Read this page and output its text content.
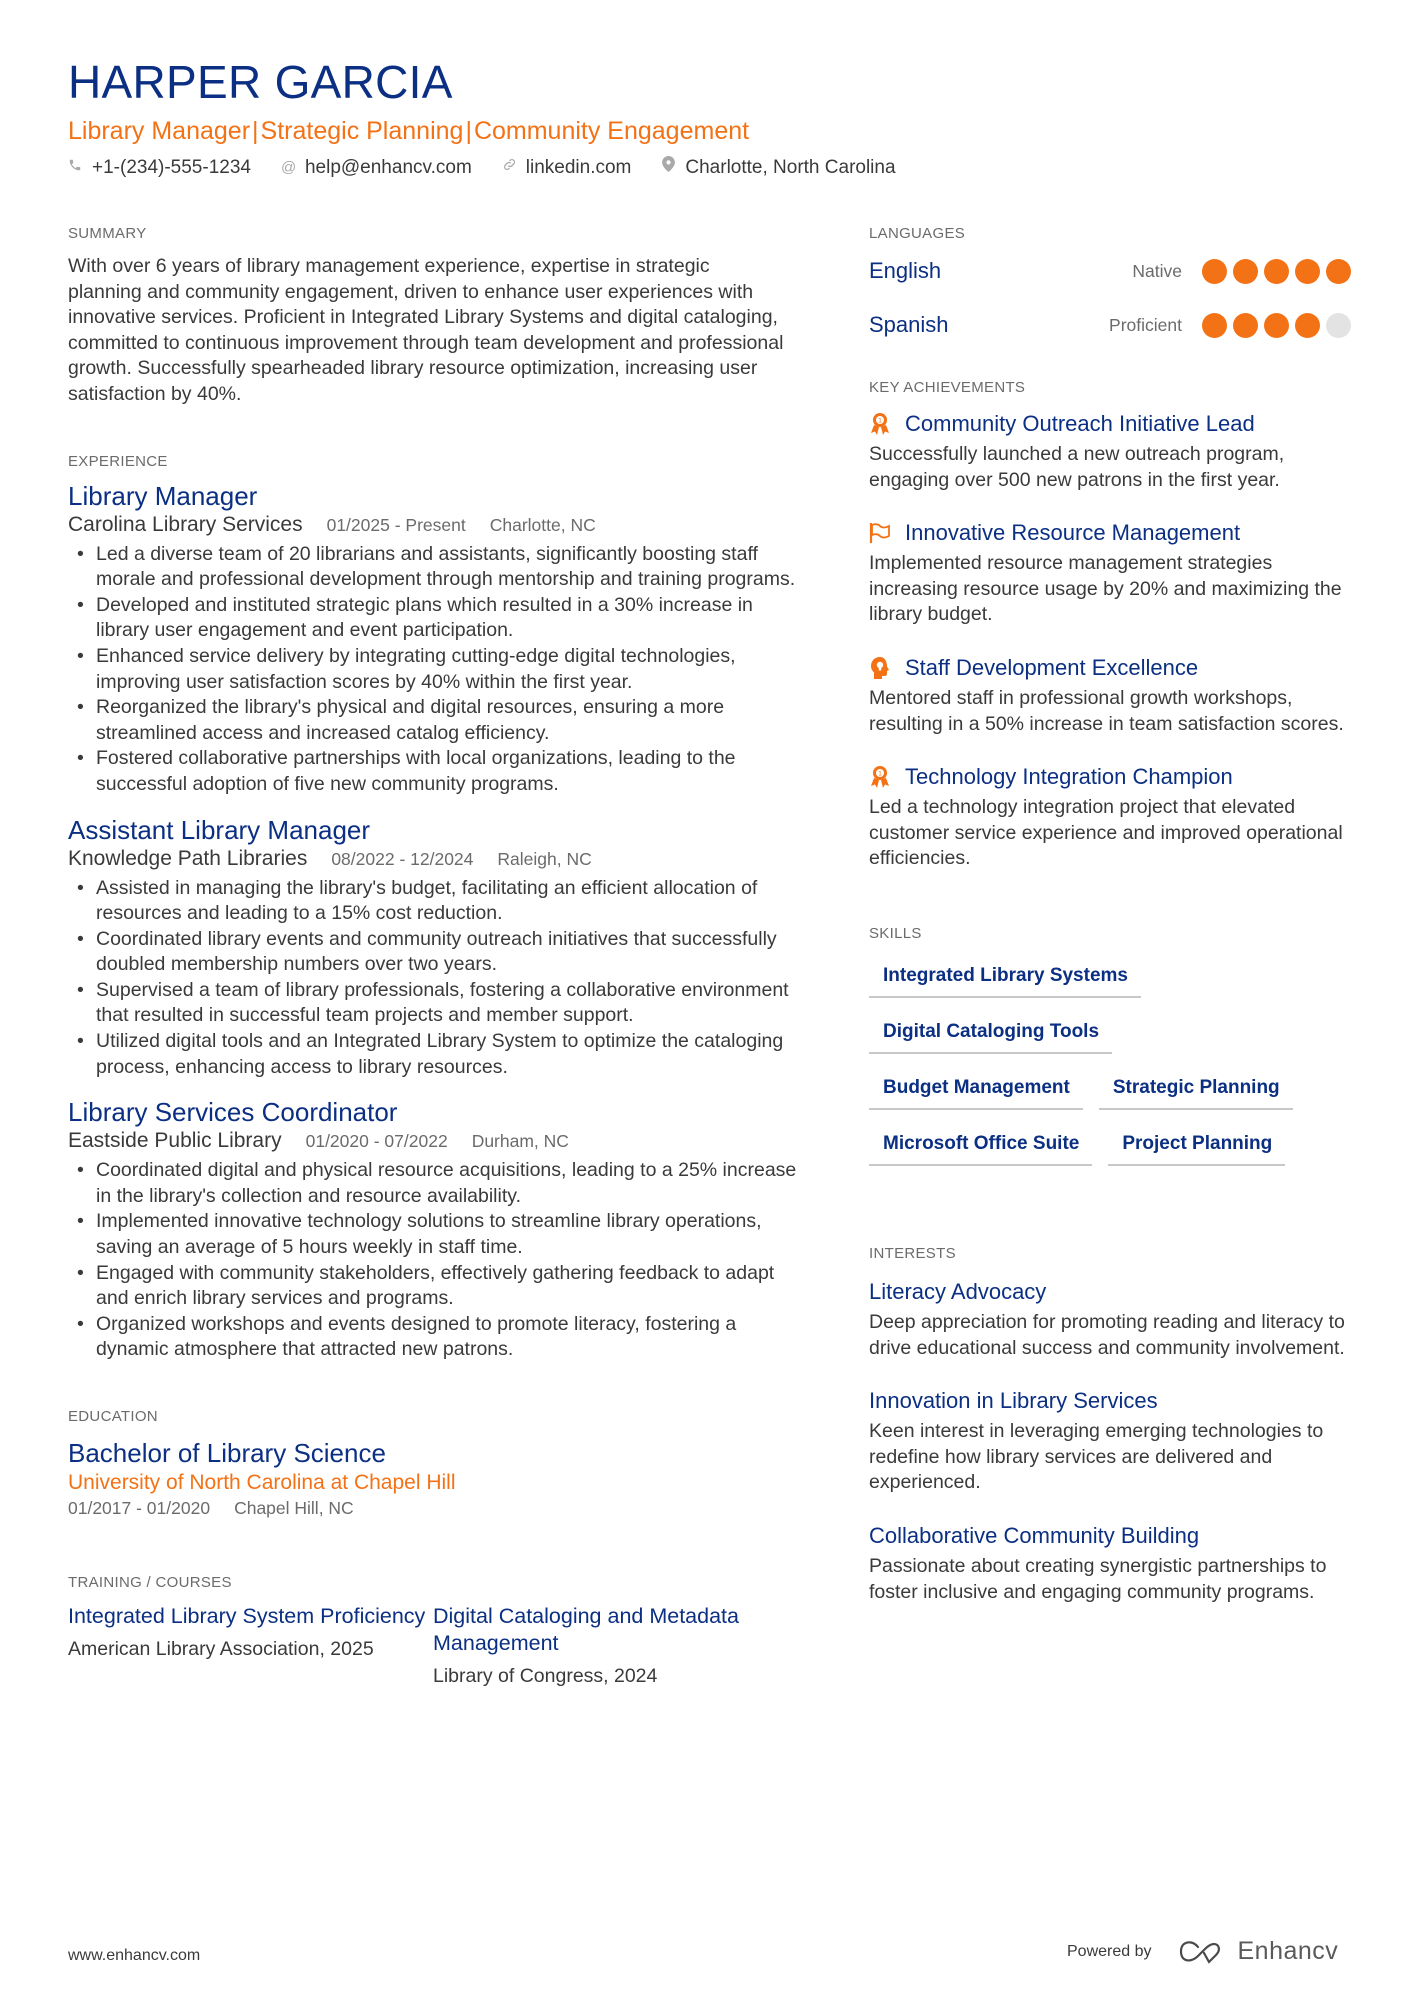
HARPER GARCIA
Library Manager|Strategic Planning|Community Engagement
+1-(234)-555-1234 @ help@enhancv.com	linkedin.com	Charlotte, North Carolina
SUMMARY

With over 6 years of library management experience, expertise in strategic planning and community engagement, driven to enhance user experiences with innovative services. Proficient in Integrated Library Systems and digital cataloging, committed to continuous improvement through team development and professional growth. Successfully spearheaded library resource optimization, increasing user satisfaction by 40%.

EXPERIENCE
Library Manager
Carolina Library Services 01/2025 - Present Charlotte, NC
• Led a diverse team of 20 librarians and assistants, significantly boosting staff morale and professional development through mentorship and training programs.
• Developed and instituted strategic plans which resulted in a 30% increase in library user engagement and event participation.
• Enhanced service delivery by integrating cutting-edge digital technologies, improving user satisfaction scores by 40% within the first year.
• Reorganized the library's physical and digital resources, ensuring a more streamlined access and increased catalog efficiency.
• Fostered collaborative partnerships with local organizations, leading to the successful adoption of five new community programs.
Assistant Library Manager
Knowledge Path Libraries 08/2022 - 12/2024 Raleigh, NC
• Assisted in managing the library's budget, facilitating an efficient allocation of resources and leading to a 15% cost reduction.
• Coordinated library events and community outreach initiatives that successfully doubled membership numbers over two years.
• Supervised a team of library professionals, fostering a collaborative environment that resulted in successful team projects and member support.
• Utilized digital tools and an Integrated Library System to optimize the cataloging process, enhancing access to library resources.
Library Services Coordinator
Eastside Public Library 01/2020 - 07/2022 Durham, NC
• Coordinated digital and physical resource acquisitions, leading to a 25% increase in the library's collection and resource availability.
• Implemented innovative technology solutions to streamline library operations, saving an average of 5 hours weekly in staff time.
• Engaged with community stakeholders, effectively gathering feedback to adapt and enrich library services and programs.
• Organized workshops and events designed to promote literacy, fostering a dynamic atmosphere that attracted new patrons.
EDUCATION
Bachelor of Library Science
University of North Carolina at Chapel Hill
01/2017 - 01/2020 Chapel Hill, NC
TRAINING / COURSES
Integrated Library System Proficiency
American Library Association, 2025
Digital Cataloging and Metadata Management
Library of Congress, 2024
LANGUAGES
English	Native
Spanish	Proficient
KEY ACHIEVEMENTS
1 Community Outreach Initiative Lead
Successfully launched a new outreach program, engaging over 500 new patrons in the first year.
Innovative Resource Management
Implemented resource management strategies increasing resource usage by 20% and maximizing the library budget.
Staff Development Excellence
Mentored staff in professional growth workshops, resulting in a 50% increase in team satisfaction scores.
1 Technology Integration Champion
Led a technology integration project that elevated customer service experience and improved operational efficiencies.
SKILLS
Integrated Library Systems
Digital Cataloging Tools
Budget Management	Strategic Planning
Microsoft Office Suite	Project Planning
INTERESTS
Literacy Advocacy
Deep appreciation for promoting reading and literacy to drive educational success and community involvement.
Innovation in Library Services
Keen interest in leveraging emerging technologies to redefine how library services are delivered and experienced.
Collaborative Community Building
Passionate about creating synergistic partnerships to foster inclusive and engaging community programs.
www.enhancv.com	Powered by	Enhancv
